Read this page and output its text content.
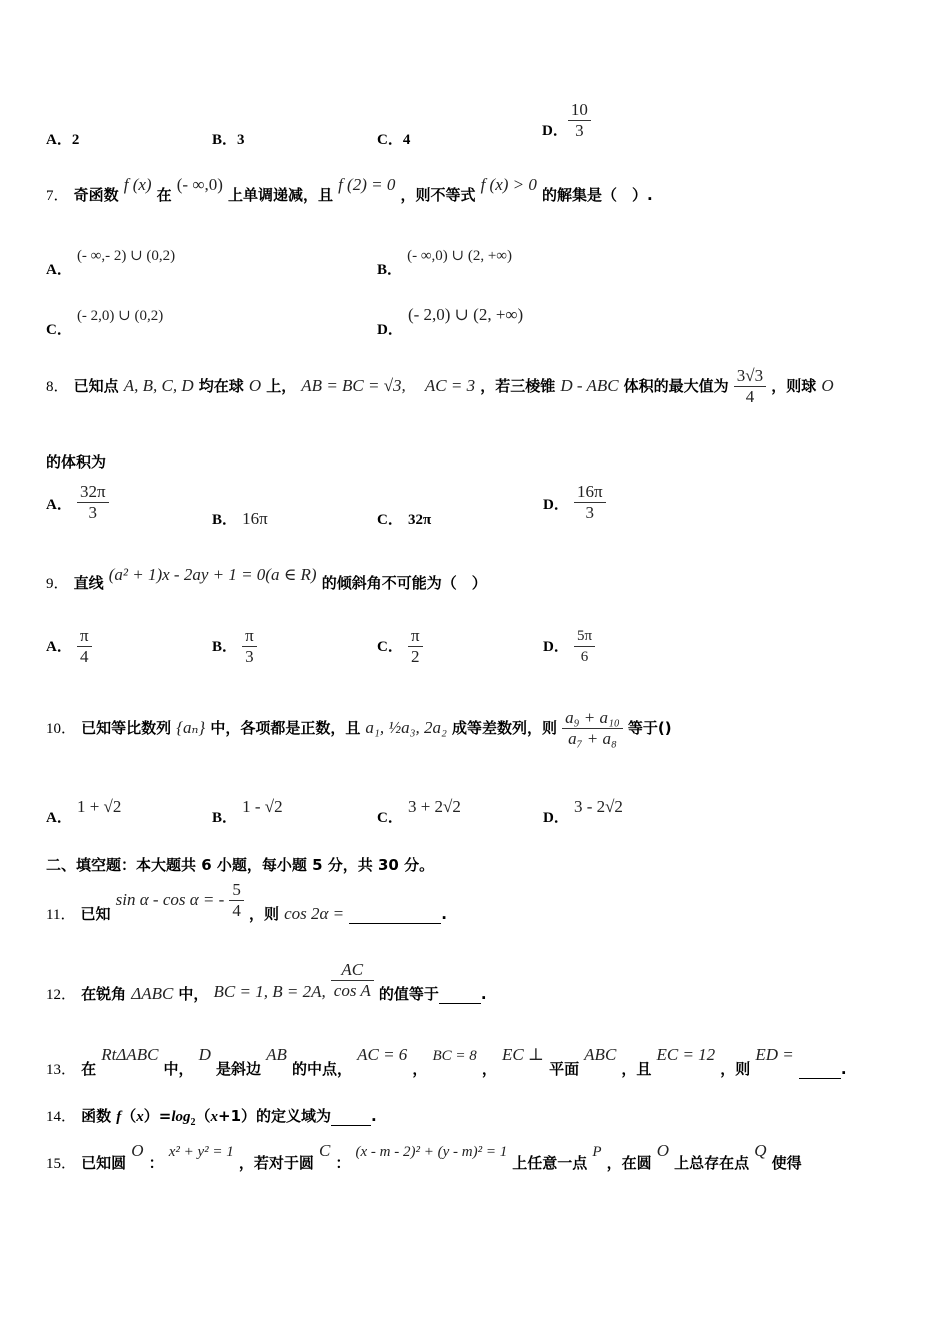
A．2	B．3	C．4
D． $\frac{10}{3}$
7． 奇函数 f (x) 在 (- ∞,0) 上单调递减，且 f (2) = 0 ，则不等式 f (x) > 0 的解集是（　）.
A． (- ∞,- 2) ∪ (0,2)
B． (- ∞,0) ∪ (2, +∞)
C． (- 2,0) ∪ (0,2)
D． (- 2,0) ∪ (2, +∞)
8． 已知点 A, B, C, D 均在球 O 上， AB = BC = √3, AC = 3 ，若三棱锥 D - ABC 体积的最大值为 $\frac{3√3}{4}$ ，则球 O
的体积为
A． $\frac{32\pi}{3}$	B． 16π	C． 32π
D． $\frac{16\pi}{3}$
9． 直线 (a² + 1)x - 2ay + 1 = 0(a ∈ R) 的倾斜角不可能为（　）
A． $\frac{\pi}{4}$	B． $\frac{\pi}{3}$	C． $\frac{\pi}{2}$	D． $\frac{5\pi}{6}$
10． 已知等比数列 {aₙ} 中，各项都是正数，且 a₁, ½a₃, 2a₂ 成等差数列，则 $\frac{\text{a₉ + a₁₀}}{\text{a₇ + a₈}}$ 等于()
A． 1 + √2
B． 1 - √2
C． 3 + 2√2
D． 3 - 2√2
二、填空题：本大题共 6 小题，每小题 5 分，共 30 分。
11． 已知 sin α - cos α = - $\frac{5}{4}$ ，则 cos 2α =	.
12． 在锐角 ΔABC 中， BC = 1, B = 2A, $\frac{AC}{\text{cos A}}$ 的值等于	.
13． 在 RtΔABC 中， D 是斜边 AB 的中点， AC = 6 ， BC = 8 ， EC ⊥ 平面 ABC ，且 EC = 12 ，则 ED =  .
14． 函数 $f(x)=\log_2(x+1)$的定义域为	.
15． 已知圆 O ： x² + y² = 1 ，若对于圆 C ： (x - m - 2)² + (y - m)² = 1 上任意一点 P ，在圆 O 上总存在点 Q 使得
